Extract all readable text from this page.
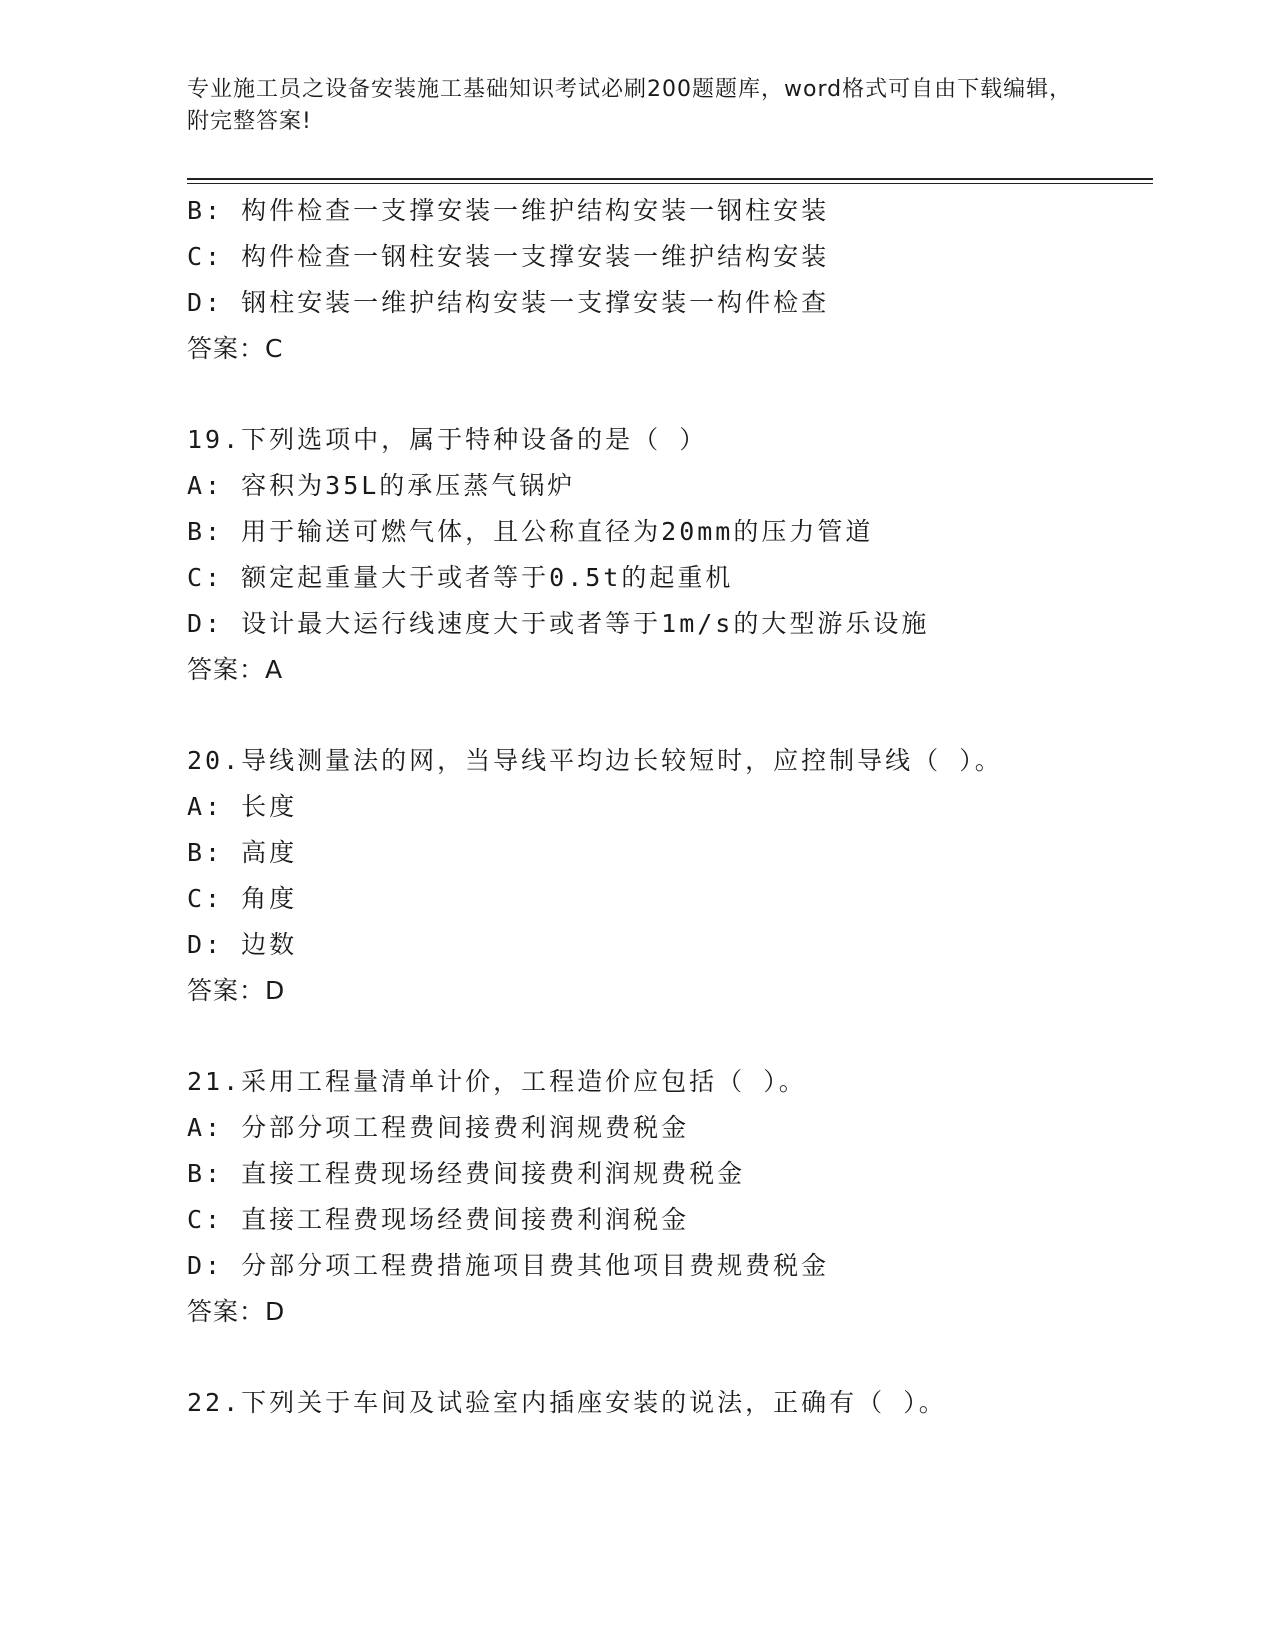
专业施工员之设备安装施工基础知识考试必刷200题题库，word格式可自由下载编辑，附完整答案!
B: 构件检查一支撑安装一维护结构安装一钢柱安装
C: 构件检查一钢柱安装一支撑安装一维护结构安装
D: 钢柱安装一维护结构安装一支撑安装一构件检查
答案：C
19.下列选项中，属于特种设备的是（ ）
A: 容积为35L的承压蒸气锅炉
B: 用于输送可燃气体，且公称直径为20mm的压力管道
C: 额定起重量大于或者等于0.5t的起重机
D: 设计最大运行线速度大于或者等于1m/s的大型游乐设施
答案：A
20.导线测量法的网，当导线平均边长较短时，应控制导线（ ）。
A: 长度
B: 高度
C: 角度
D: 边数
答案：D
21.采用工程量清单计价，工程造价应包括（ ）。
A: 分部分项工程费间接费利润规费税金
B: 直接工程费现场经费间接费利润规费税金
C: 直接工程费现场经费间接费利润税金
D: 分部分项工程费措施项目费其他项目费规费税金
答案：D
22.下列关于车间及试验室内插座安装的说法，正确有（ ）。
